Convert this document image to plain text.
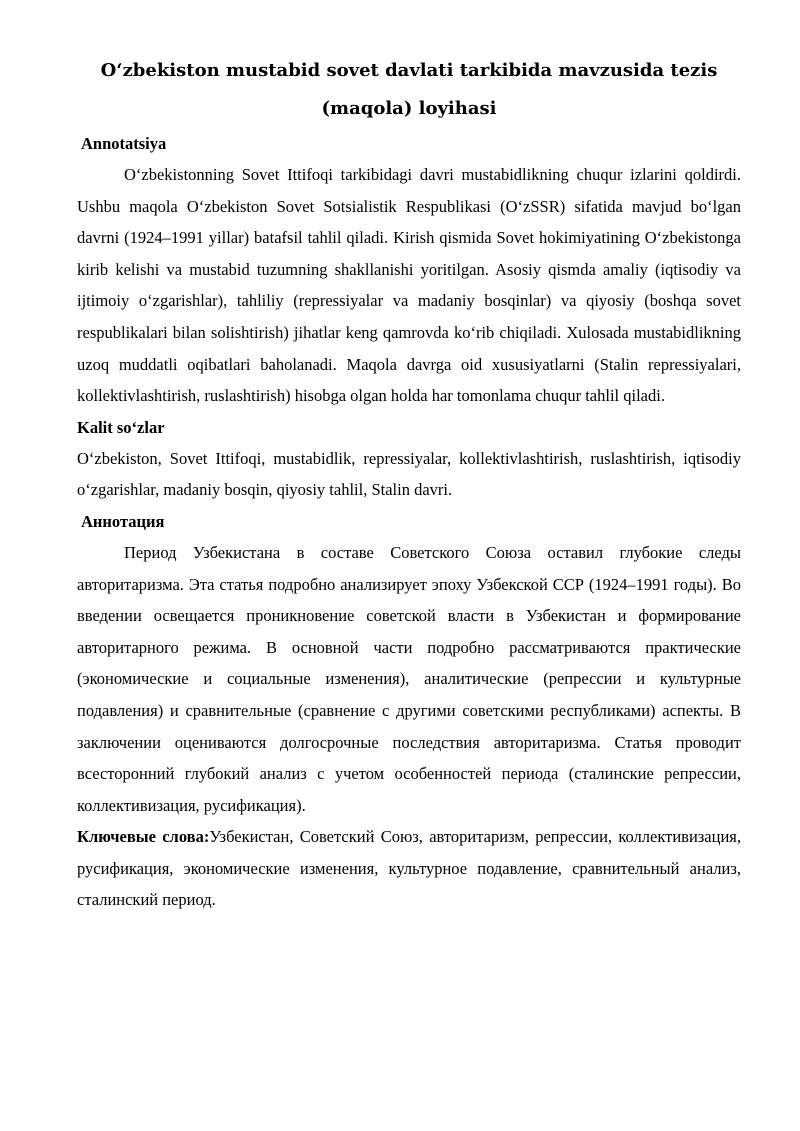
O‘zbekiston mustabid sovet davlati tarkibida mavzusida tezis
(maqola) loyihasi
Annotatsiya

O‘zbekistonning Sovet Ittifoqi tarkibidagi davri mustabidlikning chuqur izlarini qoldirdi. Ushbu maqola O‘zbekiston Sovet Sotsialistik Respublikasi (O‘zSSR) sifatida mavjud bo‘lgan davrni (1924–1991 yillar) batafsil tahlil qiladi. Kirish qismida Sovet hokimiyatining O‘zbekistonga kirib kelishi va mustabid tuzumning shakllanishi yoritilgan. Asosiy qismda amaliy (iqtisodiy va ijtimoiy o‘zgarishlar), tahliliy (repressiyalar va madaniy bosqinlar) va qiyosiy (boshqa sovet respublikalari bilan solishtirish) jihatlar keng qamrovda ko‘rib chiqiladi. Xulosada mustabidlikning uzoq muddatli oqibatlari baholanadi. Maqola davrga oid xususiyatlarni (Stalin repressiyalari, kollektivlashtirish, ruslashtirish) hisobga olgan holda har tomonlama chuqur tahlil qiladi.

Kalit so‘zlar

O‘zbekiston, Sovet Ittifoqi, mustabidlik, repressiyalar, kollektivlashtirish, ruslashtirish, iqtisodiy o‘zgarishlar, madaniy bosqin, qiyosiy tahlil, Stalin davri.

Аннотация

Период Узбекистана в составе Советского Союза оставил глубокие следы авторитаризма. Эта статья подробно анализирует эпоху Узбекской ССР (1924–1991 годы). Во введении освещается проникновение советской власти в Узбекистан и формирование авторитарного режима. В основной части подробно рассматриваются практические (экономические и социальные изменения), аналитические (репрессии и культурные подавления) и сравнительные (сравнение с другими советскими республиками) аспекты. В заключении оцениваются долгосрочные последствия авторитаризма. Статья проводит всесторонний глубокий анализ с учетом особенностей периода (сталинские репрессии, коллективизация, русификация).

Ключевые слова:Узбекистан, Советский Союз, авторитаризм, репрессии, коллективизация, русификация, экономические изменения, культурное подавление, сравнительный анализ, сталинский период.
